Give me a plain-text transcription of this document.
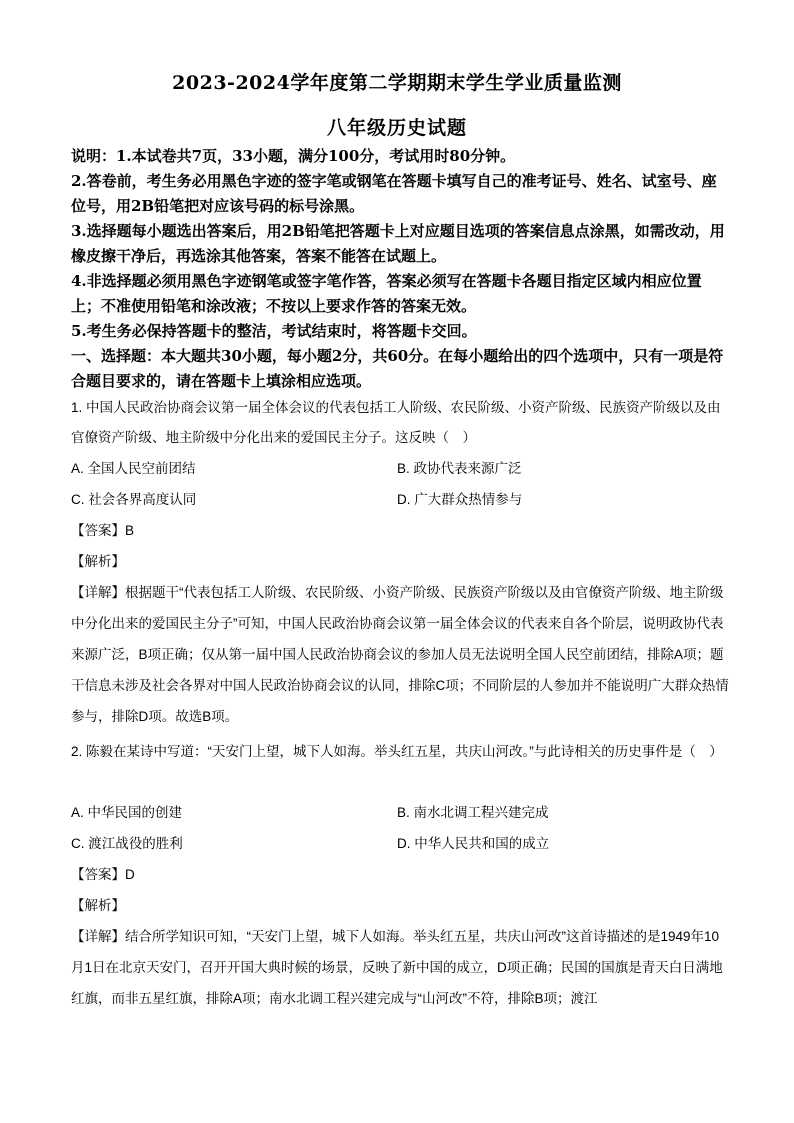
2023-2024学年度第二学期期末学生学业质量监测
八年级历史试题
说明：1.本试卷共7页，33小题，满分100分，考试用时80分钟。
2.答卷前，考生务必用黑色字迹的签字笔或钢笔在答题卡填写自己的准考证号、姓名、试室号、座位号，用2B铅笔把对应该号码的标号涂黑。
3.选择题每小题选出答案后，用2B铅笔把答题卡上对应题目选项的答案信息点涂黑，如需改动，用橡皮擦干净后，再选涂其他答案，答案不能答在试题上。
4.非选择题必须用黑色字迹钢笔或签字笔作答，答案必须写在答题卡各题目指定区域内相应位置上；不准使用铅笔和涂改液；不按以上要求作答的答案无效。
5.考生务必保持答题卡的整洁，考试结束时，将答题卡交回。
一、选择题：本大题共30小题，每小题2分，共60分。在每小题给出的四个选项中，只有一项是符合题目要求的，请在答题卡上填涂相应选项。
1. 中国人民政治协商会议第一届全体会议的代表包括工人阶级、农民阶级、小资产阶级、民族资产阶级以及由官僚资产阶级、地主阶级中分化出来的爱国民主分子。这反映（　）
A. 全国人民空前团结	B. 政协代表来源广泛
C. 社会各界高度认同	D. 广大群众热情参与
【答案】B
【解析】
【详解】根据题干“代表包括工人阶级、农民阶级、小资产阶级、民族资产阶级以及由官僚资产阶级、地主阶级中分化出来的爱国民主分子”可知，中国人民政治协商会议第一届全体会议的代表来自各个阶层，说明政协代表来源广泛，B项正确；仅从第一届中国人民政治协商会议的参加人员无法说明全国人民空前团结，排除A项；题干信息未涉及社会各界对中国人民政治协商会议的认同，排除C项；不同阶层的人参加并不能说明广大群众热情参与，排除D项。故选B项。
2. 陈毅在某诗中写道：“天安门上望，城下人如海。举头红五星，共庆山河改。”与此诗相关的历史事件是（　）
A. 中华民国的创建	B. 南水北调工程兴建完成
C. 渡江战役的胜利	D. 中华人民共和国的成立
【答案】D
【解析】
【详解】结合所学知识可知，“天安门上望，城下人如海。举头红五星，共庆山河改”这首诗描述的是1949年10月1日在北京天安门，召开开国大典时候的场景，反映了新中国的成立，D项正确；民国的国旗是青天白日满地红旗，而非五星红旗，排除A项；南水北调工程兴建完成与“山河改”不符，排除B项；渡江
